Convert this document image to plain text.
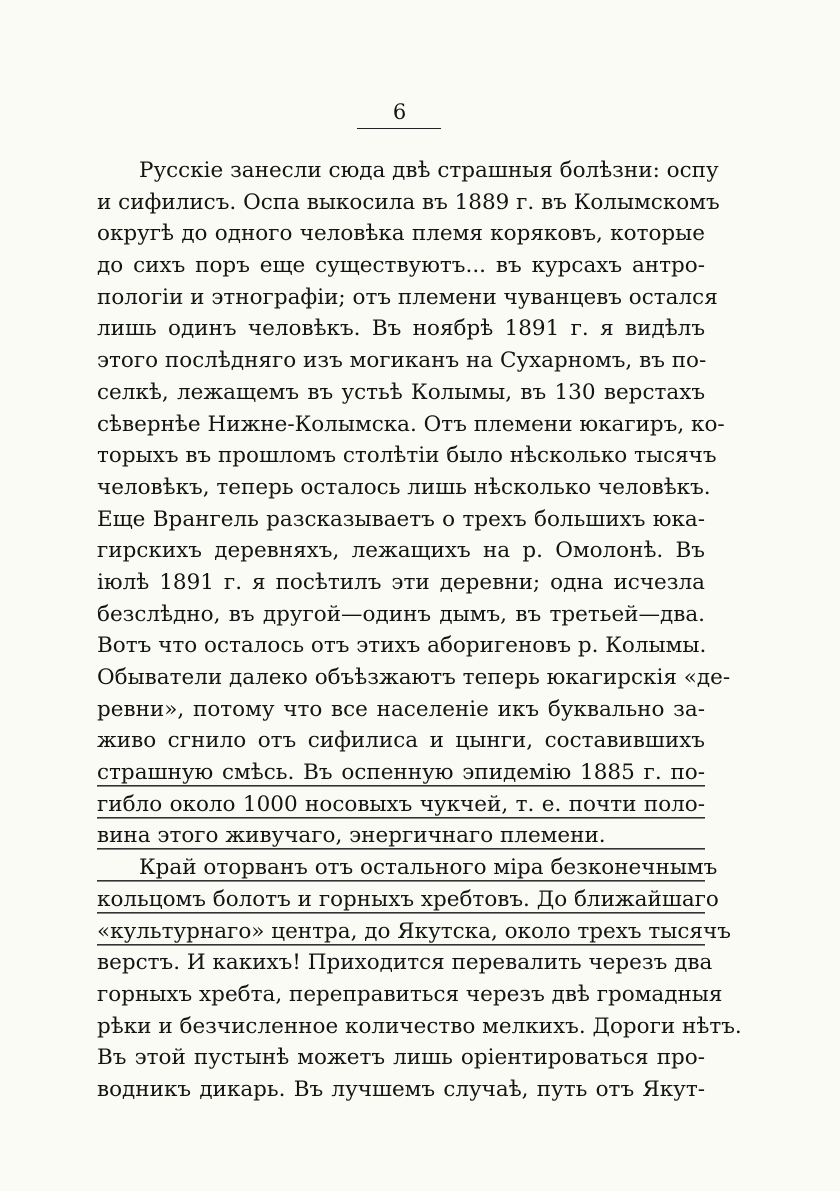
6
Русскіе занесли сюда двѣ страшныя болѣзни: оспу
и сифилисъ. Оспа выкосила въ 1889 г. въ Колымскомъ
округѣ до одного человѣка племя коряковъ, которые
до сихъ поръ еще существуютъ... въ курсахъ антро-
пологіи и этнографіи; отъ племени чуванцевъ остался
лишь одинъ человѣкъ. Въ ноябрѣ 1891 г. я видѣлъ
этого послѣдняго изъ могиканъ на Сухарномъ, въ по-
селкѣ, лежащемъ въ устьѣ Колымы, въ 130 верстахъ
сѣвернѣе Нижне-Колымска. Отъ племени юкагиръ, ко-
торыхъ въ прошломъ столѣтіи было нѣсколько тысячъ
человѣкъ, теперь осталось лишь нѣсколько человѣкъ.
Еще Врангель разсказываетъ о трехъ большихъ юка-
гирскихъ деревняхъ, лежащихъ на р. Омолонѣ. Въ
іюлѣ 1891 г. я посѣтилъ эти деревни; одна исчезла
безслѣдно, въ другой—одинъ дымъ, въ третьей—два.
Вотъ что осталось отъ этихъ аборигеновъ р. Колымы.
Обыватели далеко объѣзжаютъ теперь юкагирскія «де-
ревни», потому что все населеніе икъ буквально за-
живо сгнило отъ сифилиса и цынги, составившихъ
страшную смѣсь. Въ оспенную эпидемію 1885 г. по-
гибло около 1000 носовыхъ чукчей, т. е. почти поло-
вина этого живучаго, энергичнаго племени.
Край оторванъ отъ остального міра безконечнымъ
кольцомъ болотъ и горныхъ хребтовъ. До ближайшаго
«культурнаго» центра, до Якутска, около трехъ тысячъ
верстъ. И какихъ! Приходится перевалить черезъ два
горныхъ хребта, переправиться черезъ двѣ громадныя
рѣки и безчисленное количество мелкихъ. Дороги нѣтъ.
Въ этой пустынѣ можетъ лишь оріентироваться про-
водникъ дикарь. Въ лучшемъ случаѣ, путь отъ Якут-
